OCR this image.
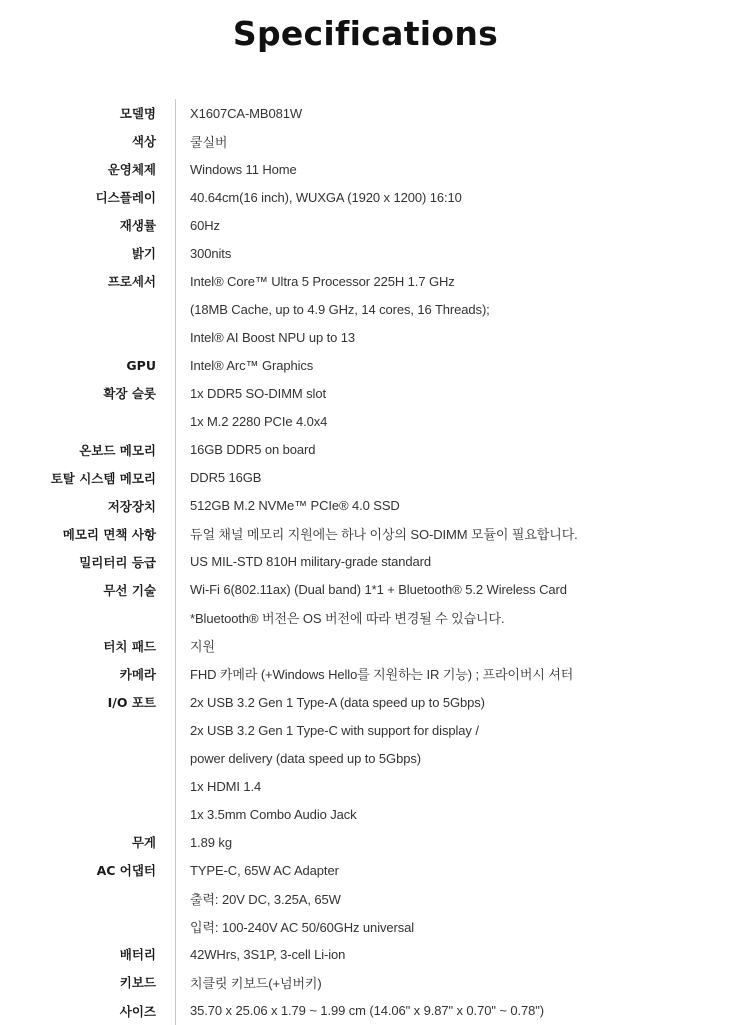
Specifications
모델명	X1607CA-MB081W
색상	쿨실버
운영체제	Windows 11 Home
디스플레이	40.64cm(16 inch), WUXGA (1920 x 1200) 16:10
재생률	60Hz
밝기	300nits
프로세서	Intel® Core™ Ultra 5 Processor 225H 1.7 GHz
(18MB Cache, up to 4.9 GHz, 14 cores, 16 Threads);
Intel® AI Boost NPU up to 13
GPU	Intel® Arc™ Graphics
확장 슬롯	1x DDR5 SO-DIMM slot
1x M.2 2280 PCIe 4.0x4
온보드 메모리	16GB DDR5 on board
토탈 시스템 메모리	DDR5 16GB
저장장치	512GB M.2 NVMe™ PCIe® 4.0 SSD
메모리 면책 사항	듀얼 채널 메모리 지원에는 하나 이상의 SO-DIMM 모듈이 필요합니다.
밀리터리 등급	US MIL-STD 810H military-grade standard
무선 기술	Wi-Fi 6(802.11ax) (Dual band) 1*1 + Bluetooth® 5.2 Wireless Card
*Bluetooth® 버전은 OS 버전에 따라 변경될 수 있습니다.
터치 패드	지원
카메라	FHD 카메라 (+Windows Hello를 지원하는 IR 기능) ; 프라이버시 셔터
I/O 포트	2x USB 3.2 Gen 1 Type-A (data speed up to 5Gbps)
2x USB 3.2 Gen 1 Type-C with support for display /
power delivery (data speed up to 5Gbps)
1x HDMI 1.4
1x 3.5mm Combo Audio Jack
무게	1.89 kg
AC 어댑터	TYPE-C, 65W AC Adapter
출력: 20V DC, 3.25A, 65W
입력: 100-240V AC 50/60GHz universal
배터리	42WHrs, 3S1P, 3-cell Li-ion
키보드	치클릿 키보드(+넘버키)
사이즈	35.70 x 25.06 x 1.79 ~ 1.99 cm (14.06" x 9.87" x 0.70" ~ 0.78")
